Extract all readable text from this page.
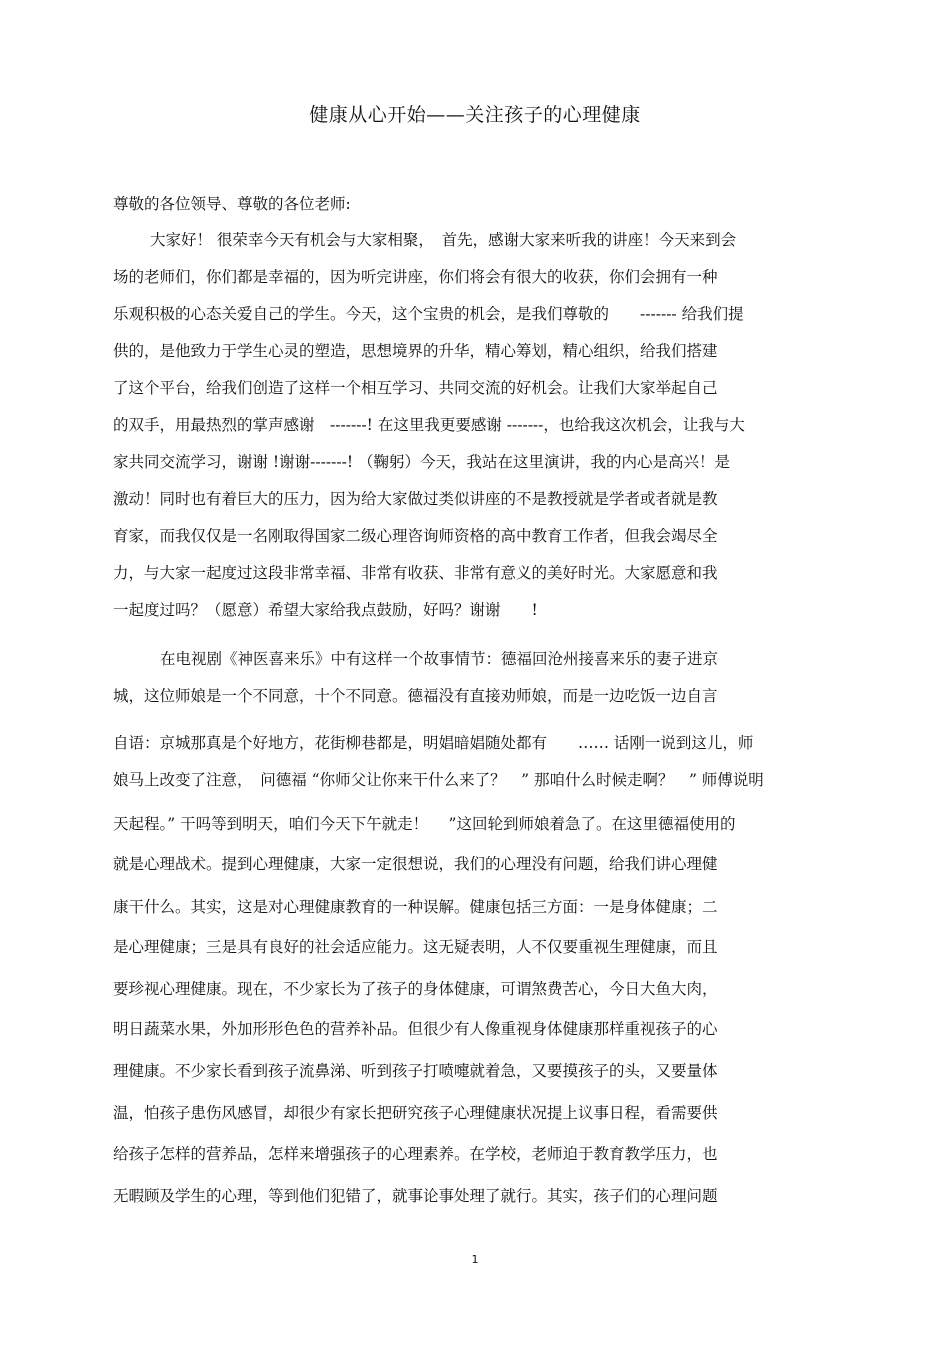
健康从心开始——关注孩子的心理健康
尊敬的各位领导、尊敬的各位老师:
大家好！ 很荣幸今天有机会与大家相聚，　首先，感谢大家来听我的讲座！今天来到会
场的老师们，你们都是幸福的，因为听完讲座，你们将会有很大的收获，你们会拥有一种
乐观积极的心态关爱自己的学生。今天，这个宝贵的机会，是我们尊敬的　　------- 给我们提
供的，是他致力于学生心灵的塑造，思想境界的升华，精心筹划，精心组织，给我们搭建
了这个平台，给我们创造了这样一个相互学习、共同交流的好机会。让我们大家举起自己
的双手，用最热烈的掌声感谢　-------! 在这里我更要感谢 -------，也给我这次机会，让我与大
家共同交流学习，谢谢 !谢谢-------! （鞠躬）今天，我站在这里演讲，我的内心是高兴！是
激动！同时也有着巨大的压力，因为给大家做过类似讲座的不是教授就是学者或者就是教
育家，而我仅仅是一名刚取得国家二级心理咨询师资格的高中教育工作者，但我会竭尽全
力，与大家一起度过这段非常幸福、非常有收获、非常有意义的美好时光。大家愿意和我
一起度过吗？（愿意）希望大家给我点鼓励，好吗？谢谢　　!
在电视剧《神医喜来乐》中有这样一个故事情节：德福回沧州接喜来乐的妻子进京
城，这位师娘是一个不同意，十个不同意。德福没有直接劝师娘，而是一边吃饭一边自言
自语：京城那真是个好地方，花街柳巷都是，明娼暗娼随处都有　　…… 话刚一说到这儿，师
娘马上改变了注意，　问德福 “你师父让你来干什么来了？　” 那咱什么时候走啊？　” 师傅说明
天起程。” 干吗等到明天，咱们今天下午就走！　 ”这回轮到师娘着急了。在这里德福使用的
就是心理战术。提到心理健康，大家一定很想说，我们的心理没有问题，给我们讲心理健
康干什么。其实，这是对心理健康教育的一种误解。健康包括三方面：一是身体健康；二
是心理健康；三是具有良好的社会适应能力。这无疑表明，人不仅要重视生理健康，而且
要珍视心理健康。现在，不少家长为了孩子的身体健康，可谓煞费苦心，今日大鱼大肉，
明日蔬菜水果，外加形形色色的营养补品。但很少有人像重视身体健康那样重视孩子的心
理健康。不少家长看到孩子流鼻涕、听到孩子打喷嚏就着急，又要摸孩子的头，又要量体
温，怕孩子患伤风感冒，却很少有家长把研究孩子心理健康状况提上议事日程，看需要供
给孩子怎样的营养品，怎样来增强孩子的心理素养。在学校，老师迫于教育教学压力，也
无暇顾及学生的心理，等到他们犯错了，就事论事处理了就行。其实，孩子们的心理问题
1
